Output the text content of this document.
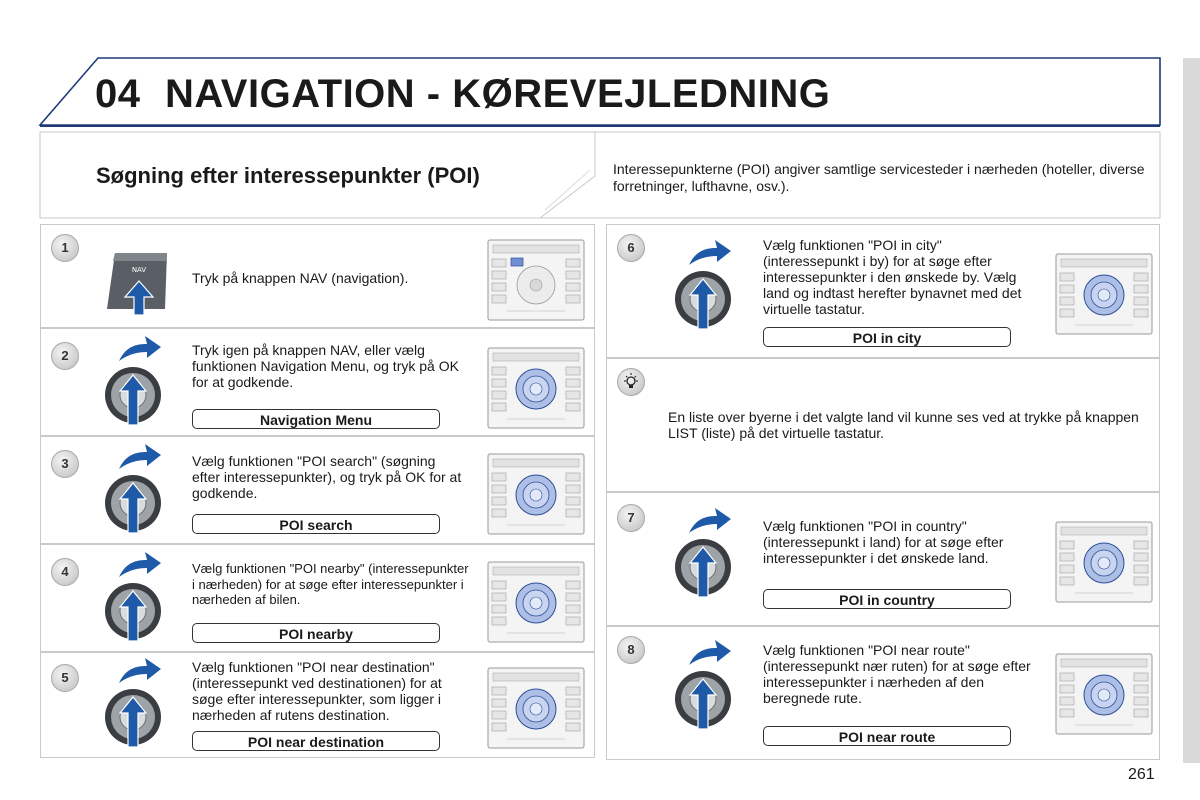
04 NAVIGATION - KØREVEJLEDNING
Søgning efter interessepunkter (POI)	Interessepunkterne (POI) angiver samtlige servicesteder i nærheden (hoteller, diverse forretninger, lufthavne, osv.).
1
NAV	Tryk på knappen NAV (navigation).
2	Tryk igen på knappen NAV, eller vælg funktionen Navigation Menu, og tryk på OK for at godkende.
Navigation Menu
3	Vælg funktionen "POI search" (søgning efter interessepunkter), og tryk på OK for at godkende.
POI search
4	Vælg funktionen "POI nearby" (interessepunkter i nærheden) for at søge efter interessepunkter i nærheden af bilen.
POI nearby
5
Vælg funktionen "POI near destination" (interessepunkt ved destinationen) for at søge efter interessepunkter, som ligger i nærheden af rutens destination.
POI near destination
6	Vælg funktionen "POI in city" (interessepunkt i by) for at søge efter interessepunkter i den ønskede by. Vælg land og indtast herefter bynavnet med det virtuelle tastatur.
POI in city
En liste over byerne i det valgte land vil kunne ses ved at trykke på knappen LIST (liste) på det virtuelle tastatur.
7
Vælg funktionen "POI in country" (interessepunkt i land) for at søge efter interessepunkter i det ønskede land.
POI in country
8	Vælg funktionen "POI near route" (interessepunkt nær ruten) for at søge efter interessepunkter i nærheden af den beregnede rute.
POI near route
261
